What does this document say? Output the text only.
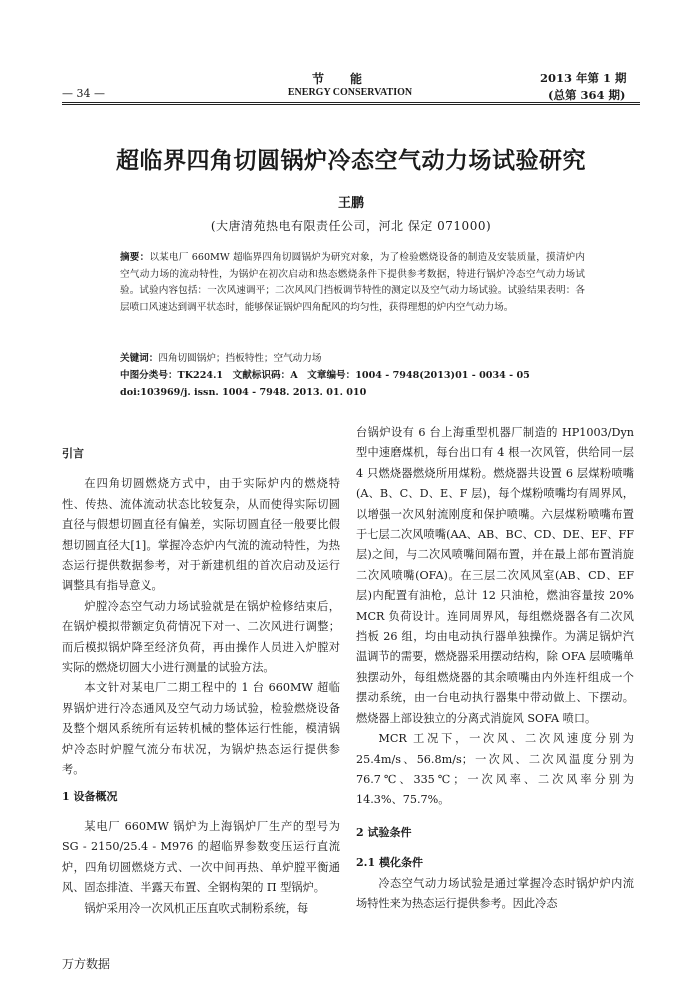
节能
ENERGY CONSERVATION
— 34 —
2013 年第 1 期
(总第 364 期)
超临界四角切圆锅炉冷态空气动力场试验研究
王鹏
(大唐清苑热电有限责任公司，河北 保定 071000)
摘要：以某电厂 660MW 超临界四角切圆锅炉为研究对象，为了检验燃烧设备的制造及安装质量，摸清炉内空气动力场的流动特性，为锅炉在初次启动和热态燃烧条件下提供参考数据，特进行锅炉冷态空气动力场试验。试验内容包括：一次风速调平；二次风风门挡板调节特性的测定以及空气动力场试验。试验结果表明：各层喷口风速达到调平状态时，能够保证锅炉四角配风的均匀性，获得理想的炉内空气动力场。
关键词：四角切圆锅炉；挡板特性；空气动力场
中图分类号：TK224.1　文献标识码：A　文章编号：1004 - 7948(2013)01 - 0034 - 05
doi:103969/j. issn. 1004 - 7948. 2013. 01. 010
引言

在四角切圆燃烧方式中，由于实际炉内的燃烧特性、传热、流体流动状态比较复杂，从而使得实际切圆直径与假想切圆直径有偏差，实际切圆直径一般要比假想切圆直径大[1]。掌握冷态炉内气流的流动特性，为热态运行提供数据参考，对于新建机组的首次启动及运行调整具有指导意义。

炉膛冷态空气动力场试验就是在锅炉检修结束后，在锅炉模拟带额定负荷情况下对一、二次风进行调整；而后模拟锅炉降至经济负荷，再由操作人员进入炉膛对实际的燃烧切圆大小进行测量的试验方法。

本文针对某电厂二期工程中的 1 台 660MW 超临界锅炉进行冷态通风及空气动力场试验，检验燃烧设备及整个烟风系统所有运转机械的整体运行性能，模清锅炉冷态时炉膛气流分布状况，为锅炉热态运行提供参考。

1 设备概况

某电厂 660MW 锅炉为上海锅炉厂生产的型号为 SG - 2150/25.4 - M976 的超临界参数变压运行直流炉，四角切圆燃烧方式、一次中间再热、单炉膛平衡通风、固态排渣、半露天布置、全钢构架的 Π 型锅炉。

锅炉采用冷一次风机正压直吹式制粉系统，每

台锅炉设有 6 台上海重型机器厂制造的 HP1003/Dyn 型中速磨煤机，每台出口有 4 根一次风管，供给同一层 4 只燃烧器燃烧所用煤粉。燃烧器共设置 6 层煤粉喷嘴(A、B、C、D、E、F 层)，每个煤粉喷嘴均有周界风，以增强一次风射流刚度和保护喷嘴。六层煤粉喷嘴布置于七层二次风喷嘴(AA、AB、BC、CD、DE、EF、FF 层)之间，与二次风喷嘴间隔布置，并在最上部布置消旋二次风喷嘴(OFA)。在三层二次风风室(AB、CD、EF 层)内配置有油枪，总计 12 只油枪，燃油容量按 20% MCR 负荷设计。连同周界风，每组燃烧器各有二次风挡板 26 组，均由电动执行器单独操作。为满足锅炉汽温调节的需要，燃烧器采用摆动结构，除 OFA 层喷嘴单独摆动外，每组燃烧器的其余喷嘴由内外连杆组成一个摆动系统，由一台电动执行器集中带动做上、下摆动。燃烧器上部设独立的分离式消旋风 SOFA 喷口。

MCR 工况下，一次风、二次风速度分别为 25.4m/s、56.8m/s；一次风、二次风温度分别为 76.7℃、335℃；一次风率、二次风率分别为 14.3%、75.7%。

2 试验条件
2.1 模化条件

冷态空气动力场试验是通过掌握冷态时锅炉炉内流场特性来为热态运行提供参考。因此冷态

万方数据
